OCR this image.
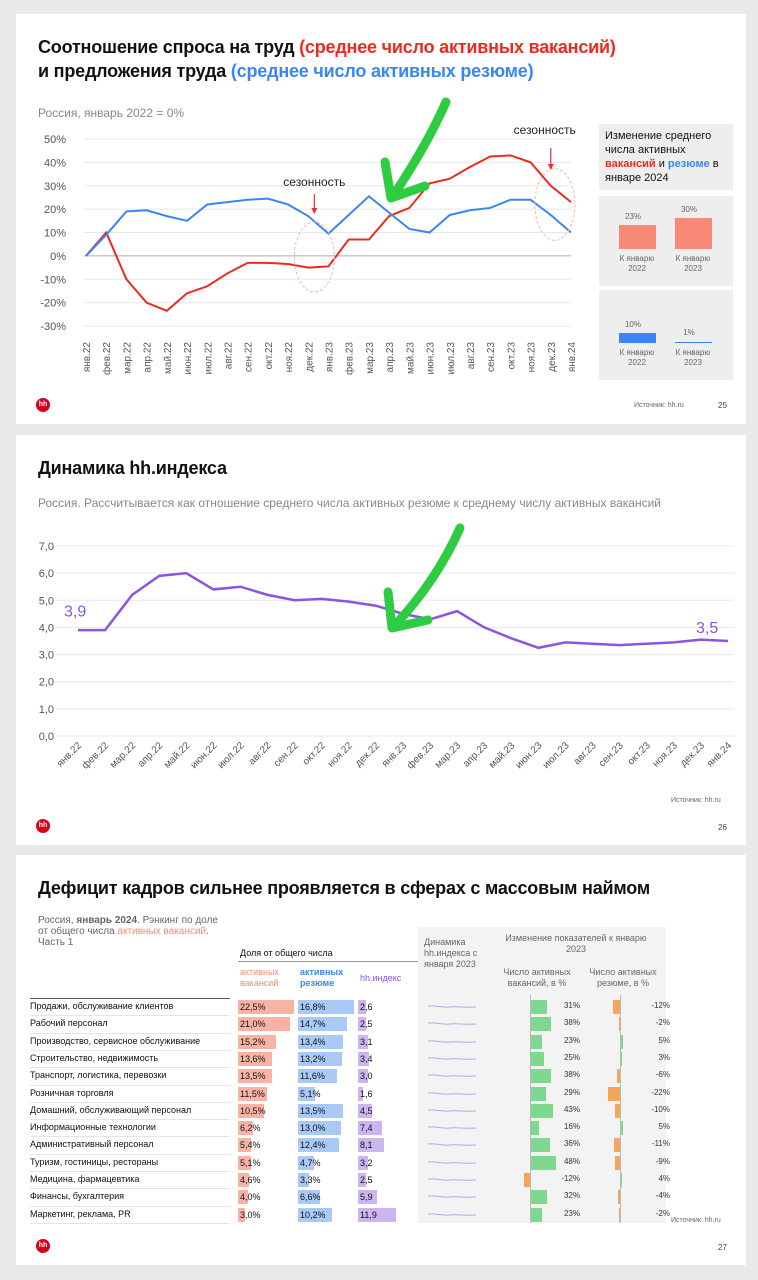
Соотношение спроса на труд (среднее число активных вакансий)
и предложения труда (среднее число активных резюме)
Россия, январь 2022 = 0%
50%
40%
30%
20%
10%
0%
-10%
-20%
-30%
янв.22 фев.22 мар.22 апр.22 май.22 июн.22 июл.22 авг.22 сен.22 окт.22 ноя.22 дек.22 янв.23 фев.23 мар.23 апр.23 май.23 июн.23 июл.23 авг.23 сен.23 окт.23 ноя.23 дек.23 янв.24
сезонность
сезонность	Изменение среднего числа активных вакансий и резюме в январе 2024
23%
К январю 2022
30%
К январю 2023
10%
К январю 2022
1%
К январю 2023
hh	Источник: hh.ru	25
Динамика hh.индекса
Россия. Рассчитывается как отношение среднего числа активных резюме к среднему числу активных вакансий
7,0
6,0
5,0
4,0
3,0
2,0
1,0
0,0
янв.22
фев.22
мар.22
апр.22
май.22
июн.22
июл.22 авг.22
сен.22 окт.22
ноя.22
дек.22
янв.23
фев.23
мар.23
апр.23
май.23
июн.23
июл.23 авг.23
сен.23 окт.23
ноя.23
дек.23
янв.24
3,9
3,5
hh
Источник: hh.ru
26
Дефицит кадров сильнее проявляется в сферах с массовым наймом
Россия, январь 2024. Рэнкинг по доле
от общего числа активных вакансий.
Часть 1
Доля от общего числа
активных вакансий
активных резюме	hh.индекс
Динамика hh.индекса с января 2023
Изменение показателей к январю 2023
Число активных вакансий, в %
Число активных резюме, в %
Продажи, обслуживание клиентов	22,5%	16,8%	2,6	31%	-12%
Рабочий персонал	21,0%	14,7%	2,5	38%	-2%
Производство, сервисное обслуживание	15,2%	13,4%	3,1	23%	5%
Строительство, недвижимость	13,6%	13,2%	3,4	25%	3%
Транспорт, логистика, перевозки	13,5%	11,6%	3,0	38%	-6%
Розничная торговля	11,5%	5,1%	1,6	29%	-22%
Домашний, обслуживающий персонал	10,5%	13,5%	4,5	43%	-10%
Информационные технологии	6,2%	13,0%	7,4	16%	5%
Административный персонал	5,4%	12,4%	8,1	36%	-11%
Туризм, гостиницы, рестораны	5,1%	4,7%	3,2	48%	-9%
Медицина, фармацевтика	4,6%	3,3%	2,5	-12%	4%
Финансы, бухгалтерия	4,0%	6,6%	5,9	32%	-4%
Маркетинг, реклама, PR	3,0%	10,2%	11,9	23%	-2%
hh
Источник: hh.ru
27
